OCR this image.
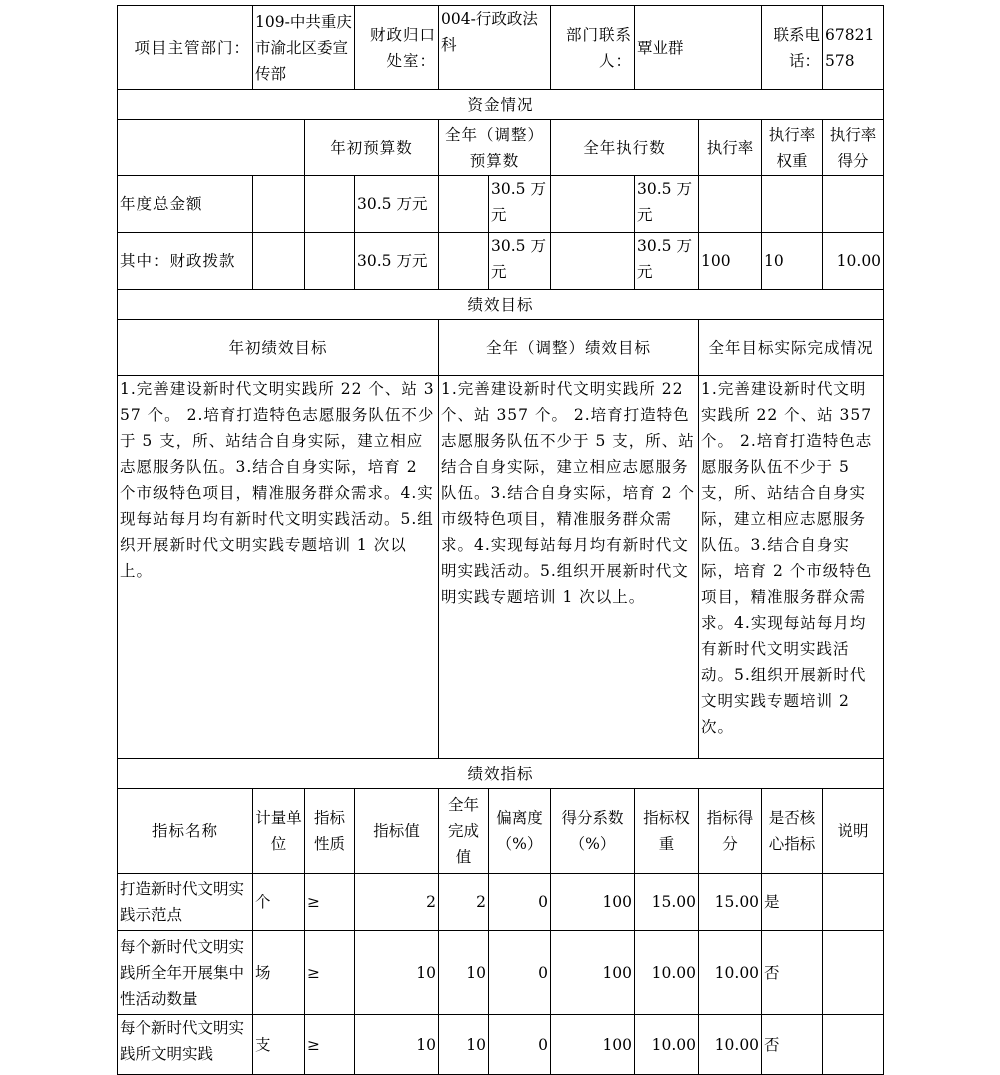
项目主管部门：	109-中共重庆市渝北区委宣传部		财政归口处室：	004-行政政法科		部门联系人：	覃业群		联系电话：	67821578
资金情况										
		年初预算数		全年（调整）预算数		全年执行数		执行率	执行率权重	执行率得分
年度总金额			30.5 万元		30.5 万元		30.5 万元			
其中：财政拨款			30.5 万元		30.5 万元		30.5 万元	100	10	10.00
绩效目标										
年初绩效目标				全年（调整）绩效目标				全年目标实际完成情况		
1.完善建设新时代文明实践所 22 个、站 357 个。 2.培育打造特色志愿服务队伍不少于 5 支，所、站结合自身实际，建立相应志愿服务队伍。3.结合自身实际，培育 2 个市级特色项目，精准服务群众需求。4.实现每站每月均有新时代文明实践活动。5.组织开展新时代文明实践专题培训 1 次以上。				1.完善建设新时代文明实践所 22 个、站 357 个。 2.培育打造特色志愿服务队伍不少于 5 支，所、站结合自身实际，建立相应志愿服务队伍。3.结合自身实际，培育 2 个市级特色项目，精准服务群众需求。4.实现每站每月均有新时代文明实践活动。5.组织开展新时代文明实践专题培训 1 次以上。				1.完善建设新时代文明实践所 22 个、站 357 个。 2.培育打造特色志愿服务队伍不少于 5 支，所、站结合自身实际，建立相应志愿服务队伍。3.结合自身实际，培育 2 个市级特色项目，精准服务群众需求。4.实现每站每月均有新时代文明实践活动。5.组织开展新时代文明实践专题培训 2 次。		
绩效指标										
指标名称	计量单位	指标性质	指标值	全年完成值	偏离度（%）	得分系数（%）	指标权重	指标得分	是否核心指标	说明
打造新时代文明实践示范点	个	≥	2	2	0	100	15.00	15.00	是	
每个新时代文明实践所全年开展集中性活动数量	场	≥	10	10	0	100	10.00	10.00	否	
每个新时代文明实践所文明实践	支	≥	10	10	0	100	10.00	10.00	否	
